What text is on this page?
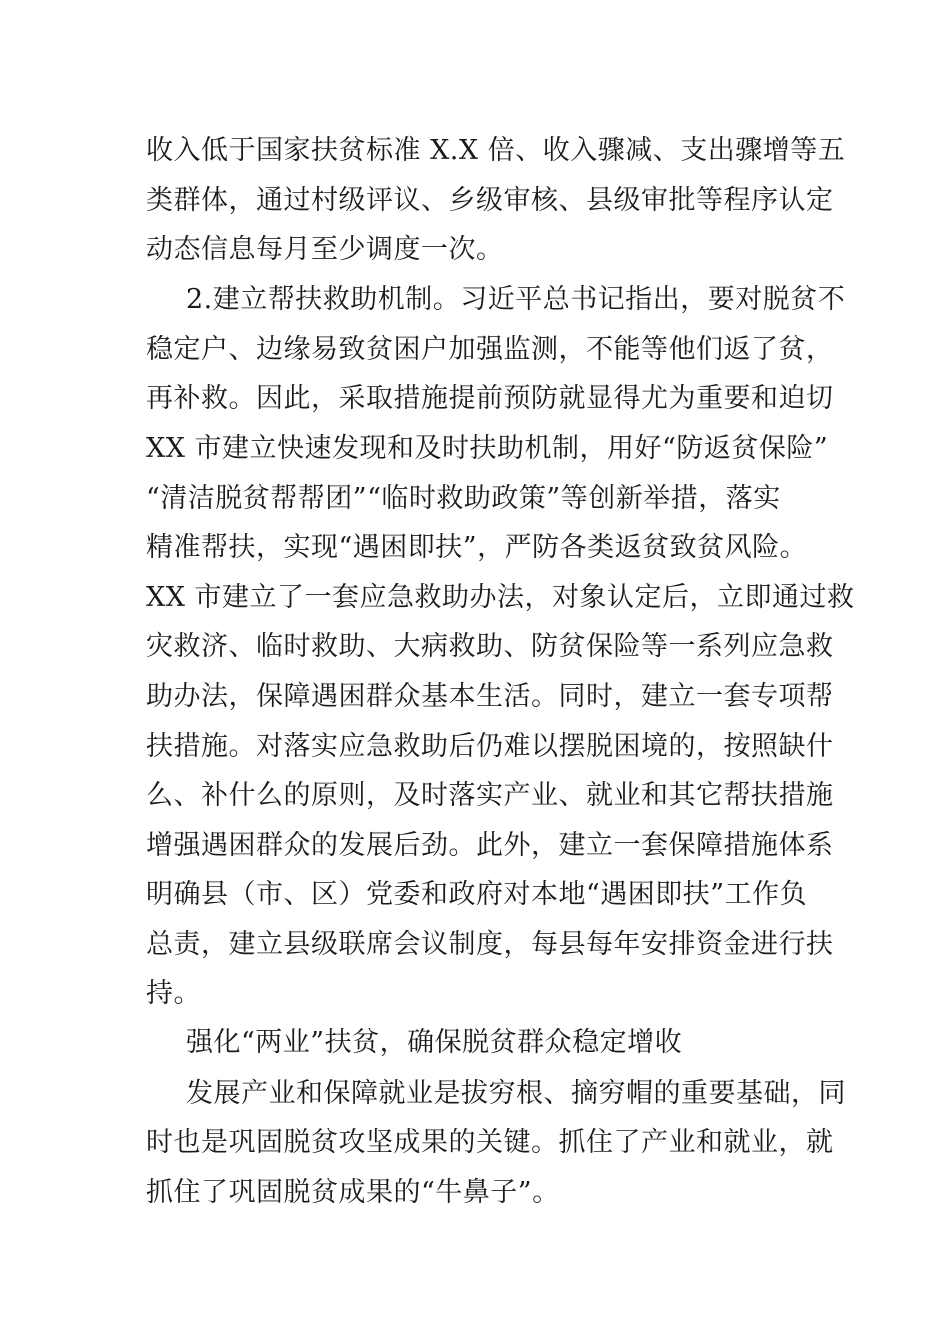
收入低于国家扶贫标准 X.X 倍、收入骤减、支出骤增等五
类群体，通过村级评议、乡级审核、县级审批等程序认定
动态信息每月至少调度一次。
2.建立帮扶救助机制。习近平总书记指出，要对脱贫不
稳定户、边缘易致贫困户加强监测，不能等他们返了贫，
再补救。因此，采取措施提前预防就显得尤为重要和迫切
XX 市建立快速发现和及时扶助机制，用好“防返贫保险”
“清洁脱贫帮帮团”“临时救助政策”等创新举措，落实
精准帮扶，实现“遇困即扶”，严防各类返贫致贫风险。
XX 市建立了一套应急救助办法，对象认定后，立即通过救
灾救济、临时救助、大病救助、防贫保险等一系列应急救
助办法，保障遇困群众基本生活。同时，建立一套专项帮
扶措施。对落实应急救助后仍难以摆脱困境的，按照缺什
么、补什么的原则，及时落实产业、就业和其它帮扶措施
增强遇困群众的发展后劲。此外，建立一套保障措施体系
明确县（市、区）党委和政府对本地“遇困即扶”工作负
总责，建立县级联席会议制度，每县每年安排资金进行扶
持。
强化“两业”扶贫，确保脱贫群众稳定增收
发展产业和保障就业是拔穷根、摘穷帽的重要基础，同
时也是巩固脱贫攻坚成果的关键。抓住了产业和就业，就
抓住了巩固脱贫成果的“牛鼻子”。
